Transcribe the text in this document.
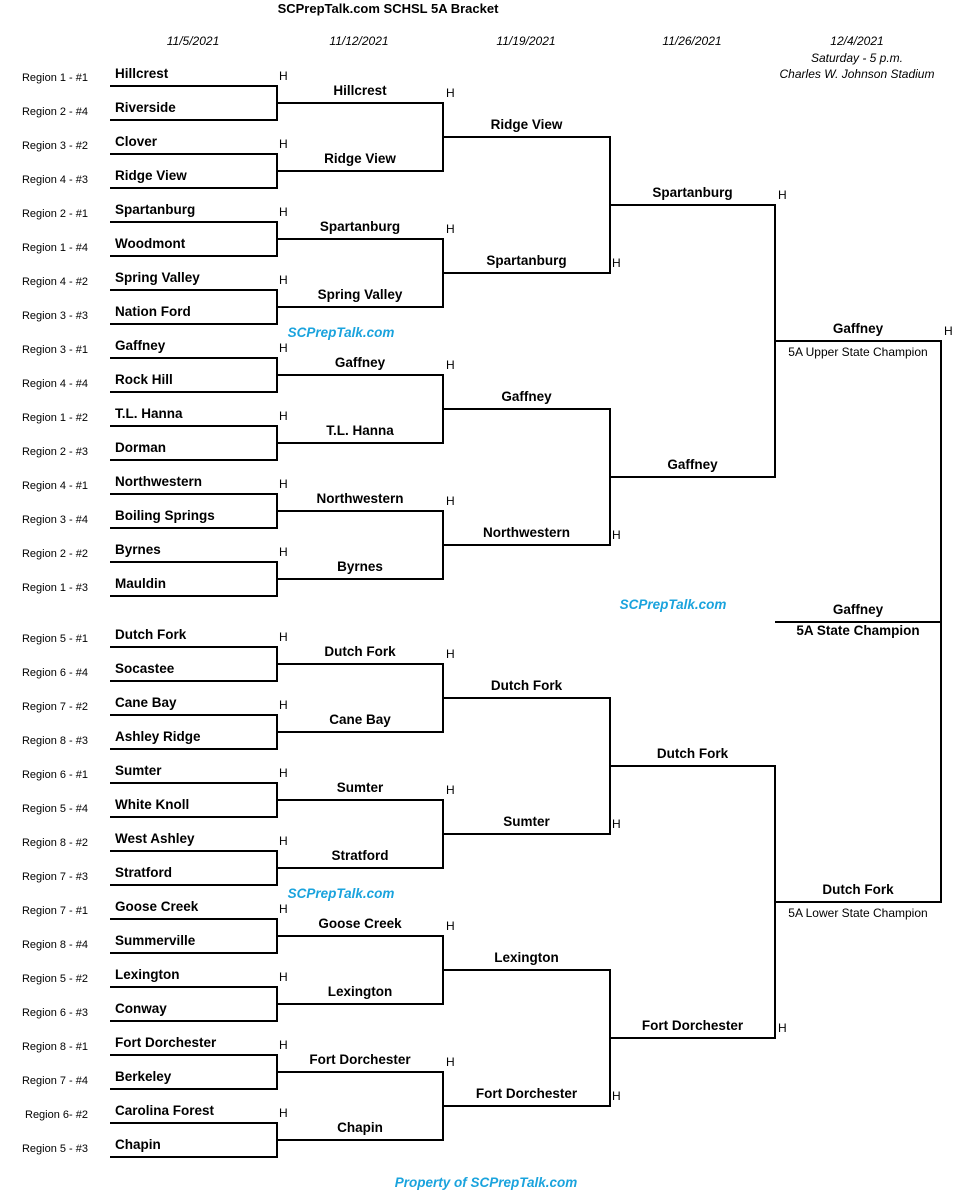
SCPrepTalk.com SCHSL 5A Bracket
11/5/2021	11/12/2021	11/19/2021	11/26/2021	12/4/2021
Saturday - 5 p.m.
Charles W. Johnson Stadium
Region 1 - #1 Hillcrest	H
Region 2 - #4 Riverside
Region 3 - #2 Clover	H
Region 4 - #3 Ridge View
Region 2 - #1 Spartanburg	H
Region 1 - #4 Woodmont
Region 4 - #2 Spring Valley	H
Region 3 - #3 Nation Ford
Region 3 - #1 Gaffney	H
Region 4 - #4 Rock Hill
Region 1 - #2 T.L. Hanna	H
Region 2 - #3 Dorman
Region 4 - #1 Northwestern	H
Region 3 - #4 Boiling Springs
Region 2 - #2 Byrnes	H
Region 1 - #3 Mauldin
Region 5 - #1 Dutch Fork	H
Region 6 - #4 Socastee
Region 7 - #2 Cane Bay	H
Region 8 - #3 Ashley Ridge
Region 6 - #1 Sumter	H
Region 5 - #4 White Knoll
Region 8 - #2 West Ashley	H
Region 7 - #3 Stratford
Region 7 - #1 Goose Creek	H
Region 8 - #4 Summerville
Region 5 - #2 Lexington	H
Region 6 - #3 Conway
Region 8 - #1 Fort Dorchester	H
Region 7 - #4 Berkeley
Region 6- #2 Carolina Forest	H
Region 5 - #3 Chapin
Hillcrest	H
Ridge View
Spartanburg	H
Spring Valley
Gaffney	H
T.L. Hanna
Northwestern	H
Byrnes
Dutch Fork	H
Cane Bay
Sumter	H
Stratford
Goose Creek	H
Lexington
Fort Dorchester	H
Chapin
Ridge View
Spartanburg	H
Gaffney
Northwestern	H
Dutch Fork
Sumter	H
Lexington
Fort Dorchester	H
Spartanburg	H
Gaffney
Dutch Fork
Fort Dorchester	H
Gaffney
5A Upper State Champion
H
Dutch Fork
5A Lower State Champion
Gaffney
5A State Champion
SCPrepTalk.com
SCPrepTalk.com
SCPrepTalk.com
Property of SCPrepTalk.com
